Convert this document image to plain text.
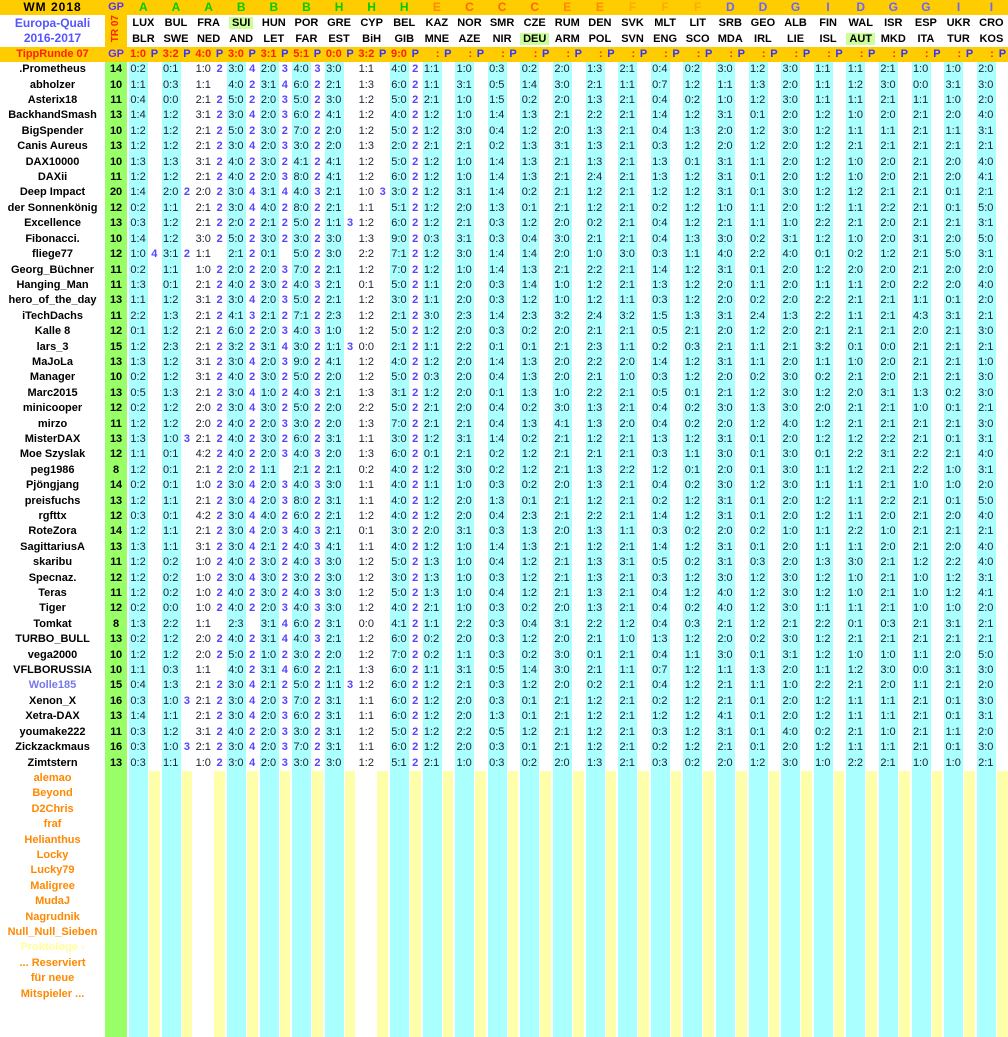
WM 2018	GP	A		A		A		B		B		B		H		H		H		E		C		C		C		E		E		F		F		F		D		D		G		I		D		G		G		I		I	

Europa-Quali
2016-2017	TR 07	LUX		BUL		FRA		SUI		HUN		POR		GRE		CYP		BEL		KAZ		NOR		SMR		CZE		RUM		DEN		SVK		MLT		LIT		SRB		GEO		ALB		FIN		WAL		ISR		ESP		UKR		CRO	
		BLR		SWE		NED		AND		LET		FAR		EST		BiH		GIB		MNE		AZE		NIR		DEU		ARM		POL		SVN		ENG		SCO		MDA		IRL		LIE		ISL		AUT		MKD		ITA		TUR		KOS	
TippRunde 07	GP	1:0	P	3:2	P	4:0	P	3:0	P	3:1	P	5:1	P	0:0	P	3:2	P	9:0	P	:	P	:	P	:	P	:	P	:	P	:	P	:	P	:	P	:	P	:	P	:	P	:	P	:	P	:	P	:	P	:	P	:	P	:	P
.Prometheus	14	0:2		0:1		1:0	2	3:0	4	2:0	3	4:0	3	3:0		1:1		4:0	2	1:1		1:0		0:3		0:2		2:0		1:3		2:1		0:4		0:2		3:0		1:2		3:0		1:1		1:1		2:1		1:0		1:0		2:0	
abholzer	10	1:1		0:3		1:1		4:0	2	3:1	4	6:0	2	2:1		1:3		6:0	2	1:1		3:1		0:5		1:4		3:0		2:1		1:1		0:7		1:2		1:1		1:3		2:0		1:1		1:2		3:0		0:0		3:1		3:0	
Asterix18	11	0:4		0:0		2:1	2	5:0	2	2:0	3	5:0	2	3:0		1:2		5:0	2	2:1		1:0		1:5		0:2		2:0		1:3		2:1		0:4		0:2		1:0		1:2		3:0		1:1		1:1		2:1		1:1		1:0		2:0	
BackhandSmash	13	1:4		1:2		3:1	2	3:0	4	2:0	3	6:0	2	4:1		1:2		4:0	2	1:2		1:0		1:4		1:3		2:1		2:2		2:1		1:4		1:2		3:1		0:1		2:0		1:2		1:0		2:0		2:1		2:0		4:0	
BigSpender	10	1:2		1:2		2:1	2	5:0	2	3:0	2	7:0	2	2:0		1:2		5:0	2	1:2		3:0		0:4		1:2		2:0		1:3		2:1		0:4		1:3		2:0		1:2		3:0		1:2		1:1		1:1		2:1		1:1		3:1	
Canis Aureus	13	1:2		1:2		2:1	2	3:0	4	2:0	3	3:0	2	2:0		1:3		2:0	2	2:1		2:1		0:2		1:3		3:1		1:3		2:1		0:3		1:2		2:0		1:2		2:0		1:2		2:1		2:1		2:1		2:1		2:1	
DAX10000	10	1:3		1:3		3:1	2	4:0	2	3:0	2	4:1	2	4:1		1:2		5:0	2	1:2		1:0		1:4		1:3		2:1		1:3		2:1		1:3		0:1		3:1		1:1		2:0		1:2		1:0		2:0		2:1		2:0		4:0	
DAXii	11	1:2		1:2		2:1	2	4:0	2	2:0	3	8:0	2	4:1		1:2		6:0	2	1:2		1:0		1:4		1:3		2:1		2:4		2:1		1:3		1:2		3:1		0:1		2:0		1:2		1:0		2:0		2:1		2:0		4:1	
Deep Impact	20	1:4		2:0	2	2:0	2	3:0	4	3:1	4	4:0	3	2:1		1:0	3	3:0	2	1:2		3:1		1:4		0:2		2:1		1:2		2:1		1:2		1:2		3:1		0:1		3:0		1:2		1:2		2:1		2:1		0:1		2:1	
der Sonnenkönig	12	0:2		1:1		2:1	2	3:0	4	4:0	2	8:0	2	2:1		1:1		5:1	2	1:2		2:0		1:3		0:1		2:1		1:2		2:1		0:2		1:2		1:0		1:1		2:0		1:2		1:1		2:2		2:1		0:1		5:0	
Excellence	13	0:3		1:2		2:1	2	2:0	2	2:1	2	5:0	2	1:1	3	1:2		6:0	2	1:2		2:1		0:3		1:2		2:0		0:2		2:1		0:4		1:2		2:1		1:1		1:0		2:2		2:1		2:0		2:1		2:1		3:1	
Fibonacci.	10	1:4		1:2		3:0	2	5:0	2	3:0	2	3:0	2	3:0		1:3		9:0	2	0:3		3:1		0:3		0:4		3:0		2:1		2:1		0:4		1:3		3:0		0:2		3:1		1:2		1:0		2:0		3:1		2:0		5:0	
fliege77	12	1:0	4	3:1	2	1:1		2:1	2	0:1		5:0	2	3:0		2:2		7:1	2	1:2		3:0		1:4		1:4		2:0		1:0		3:0		0:3		1:1		4:0		2:2		4:0		0:1		0:2		1:2		2:1		5:0		3:1	
Georg_Büchner	11	0:2		1:1		1:0	2	2:0	2	2:0	3	7:0	2	2:1		1:2		7:0	2	1:2		1:0		1:4		1:3		2:1		2:2		2:1		1:4		1:2		3:1		0:1		2:0		1:2		2:0		2:0		2:1		2:0		2:0	
Hanging_Man	11	1:3		0:1		2:1	2	4:0	2	3:0	2	4:0	3	2:1		0:1		5:0	2	1:1		2:0		0:3		1:4		1:0		1:2		2:1		1:3		1:2		2:0		1:1		2:0		1:1		1:1		2:0		2:2		2:0		4:0	
hero_of_the_day	13	1:1		1:2		3:1	2	3:0	4	2:0	3	5:0	2	2:1		1:2		3:0	2	1:1		2:0		0:3		1:2		1:0		1:2		1:1		0:3		1:2		2:0		0:2		2:0		2:2		2:1		2:1		1:1		0:1		2:0	
iTechDachs	11	2:2		1:3		2:1	2	4:1	3	2:1	2	7:1	2	2:3		1:2		2:1	2	3:0		2:3		1:4		2:3		3:2		2:4		3:2		1:5		1:3		3:1		2:4		1:3		2:2		1:1		2:1		4:3		3:1		2:1	
Kalle 8	12	0:1		1:2		2:1	2	6:0	2	2:0	3	4:0	3	1:0		1:2		5:0	2	1:2		2:0		0:3		0:2		2:0		2:1		2:1		0:5		2:1		2:0		1:2		2:0		2:1		2:1		2:1		2:0		2:1		3:0	
lars_3	15	1:2		2:3		2:1	2	3:2	2	3:1	4	3:0	2	1:1	3	0:0		2:1	2	1:1		2:2		0:1		0:1		2:1		2:3		1:1		0:2		0:3		2:1		1:1		2:1		3:2		0:1		0:0		2:1		2:1		2:1	
MaJoLa	13	1:3		1:2		3:1	2	3:0	4	2:0	3	9:0	2	4:1		1:2		4:0	2	1:2		2:0		1:4		1:3		2:0		2:2		2:0		1:4		1:2		3:1		1:1		2:0		1:1		1:0		2:0		2:1		2:1		1:0	
Manager	10	0:2		1:2		3:1	2	4:0	2	3:0	2	5:0	2	2:0		1:2		5:0	2	0:3		2:0		0:4		1:3		2:0		2:1		1:0		0:3		1:2		2:0		0:2		3:0		0:2		2:1		2:0		2:1		2:1		3:0	
Marc2015	13	0:5		1:3		2:1	2	3:0	4	1:0	2	4:0	3	2:1		1:3		3:1	2	1:2		2:0		0:1		1:3		1:0		2:2		2:1		0:5		0:1		2:1		1:2		3:0		1:2		2:0		3:1		1:3		0:2		3:0	
minicooper	12	0:2		1:2		2:0	2	3:0	4	3:0	2	5:0	2	2:0		2:2		5:0	2	2:1		2:0		0:4		0:2		3:0		1:3		2:1		0:4		0:2		3:0		1:3		3:0		2:0		2:1		2:1		1:0		0:1		2:1	
mirzo	11	1:2		1:2		2:0	2	4:0	2	2:0	3	3:0	2	2:0		1:3		7:0	2	2:1		2:1		0:4		1:3		4:1		1:3		2:0		0:4		0:2		2:0		1:2		4:0		1:2		2:1		2:1		2:1		2:1		3:0	
MisterDAX	13	1:3		1:0	3	2:1	2	4:0	2	3:0	2	6:0	2	3:1		1:1		3:0	2	1:2		3:1		1:4		0:2		2:1		1:2		2:1		1:3		1:2		3:1		0:1		2:0		1:2		1:2		2:2		2:1		0:1		3:1	
Moe Szyslak	12	1:1		0:1		4:2	2	4:0	2	2:0	3	4:0	3	2:0		1:3		6:0	2	0:1		2:1		0:2		1:2		2:1		2:1		2:1		0:3		1:1		3:0		0:1		3:0		0:1		2:2		3:1		2:2		2:1		4:0	
peg1986	8	1:2		0:1		2:1	2	2:0	2	1:1		2:1	2	2:1		0:2		4:0	2	1:2		3:0		0:2		1:2		2:1		1:3		2:2		1:2		0:1		2:0		0:1		3:0		1:1		1:2		2:1		2:2		1:0		3:1	
Pjöngjang	14	0:2		0:1		1:0	2	3:0	4	2:0	3	4:0	3	3:0		1:1		4:0	2	1:1		1:0		0:3		0:2		2:0		1:3		2:1		0:4		0:2		3:0		1:2		3:0		1:1		1:1		2:1		1:0		1:0		2:0	
preisfuchs	13	1:2		1:1		2:1	2	3:0	4	2:0	3	8:0	2	3:1		1:1		4:0	2	1:2		2:0		1:3		0:1		2:1		1:2		2:1		0:2		1:2		3:1		0:1		2:0		1:2		1:1		2:2		2:1		0:1		5:0	
rgfttx	12	0:3		0:1		4:2	2	3:0	4	4:0	2	6:0	2	2:1		1:2		4:0	2	1:2		2:0		0:4		2:3		2:1		2:2		2:1		1:4		1:2		3:1		0:1		2:0		1:2		1:1		2:0		2:1		2:0		4:0	
RoteZora	14	1:2		1:1		2:1	2	3:0	4	2:0	3	4:0	3	2:1		0:1		3:0	2	2:0		3:1		0:3		1:3		2:0		1:3		1:1		0:3		0:2		2:0		0:2		1:0		1:1		2:2		1:0		2:1		2:1		2:1	
SagittariusA	13	1:3		1:1		3:1	2	3:0	4	2:1	2	4:0	3	4:1		1:1		4:0	2	1:2		1:0		1:4		1:3		2:1		1:2		2:1		1:4		1:2		3:1		0:1		2:0		1:1		1:1		2:0		2:1		2:0		4:0	
skaribu	11	1:2		0:2		1:0	2	4:0	2	3:0	2	4:0	3	3:0		1:2		5:0	2	1:3		1:0		0:4		1:2		2:1		1:3		3:1		0:5		0:2		3:1		0:3		2:0		1:3		3:0		2:1		1:2		2:2		4:0	
Specnaz.	12	1:2		0:2		1:0	2	3:0	4	3:0	2	3:0	2	3:0		1:2		3:0	2	1:3		1:0		0:3		1:2		2:1		1:3		2:1		0:3		1:2		3:0		1:2		3:0		1:2		1:0		2:1		1:0		1:2		3:1	
Teras	11	1:2		0:2		1:0	2	4:0	2	3:0	2	4:0	3	3:0		1:2		5:0	2	1:3		1:0		0:4		1:2		2:1		1:3		2:1		0:4		1:2		4:0		1:2		3:0		1:2		1:0		2:1		1:0		1:2		4:1	
Tiger	12	0:2		0:0		1:0	2	4:0	2	2:0	3	4:0	3	3:0		1:2		4:0	2	2:1		1:0		0:3		0:2		2:0		1:3		2:1		0:4		0:2		4:0		1:2		3:0		1:1		1:1		2:1		1:0		1:0		2:0	
Tomkat	8	1:3		2:2		1:1		2:3		3:1	4	6:0	2	3:1		0:0		4:1	2	1:1		2:2		0:3		0:4		3:1		2:2		1:2		0:4		0:3		2:1		1:2		2:1		2:2		0:1		0:3		2:1		3:1		2:1	
TURBO_BULL	13	0:2		1:2		2:0	2	4:0	2	3:1	4	4:0	3	2:1		1:2		6:0	2	0:2		2:0		0:3		1:2		2:0		2:1		1:0		1:3		1:2		2:0		0:2		3:0		1:2		2:1		2:1		2:1		2:1		2:1	
vega2000	10	1:2		1:2		2:0	2	5:0	2	1:0	2	3:0	2	2:0		1:2		7:0	2	0:2		1:1		0:3		0:2		3:0		0:1		2:1		0:4		1:1		3:0		0:1		3:1		1:2		1:0		1:0		1:1		2:0		5:0	
VFLBORUSSIA	10	1:1		0:3		1:1		4:0	2	3:1	4	6:0	2	2:1		1:3		6:0	2	1:1		3:1		0:5		1:4		3:0		2:1		1:1		0:7		1:2		1:1		1:3		2:0		1:1		1:2		3:0		0:0		3:1		3:0	
Wolle185	15	0:4		1:3		2:1	2	3:0	4	2:1	2	5:0	2	1:1	3	1:2		6:0	2	1:2		2:1		0:3		1:2		2:0		0:2		2:1		0:4		1:2		2:1		1:1		1:0		2:2		2:1		2:0		1:1		2:1		2:0	
Xenon_X	16	0:3		1:0	3	2:1	2	3:0	4	2:0	3	7:0	2	3:1		1:1		6:0	2	1:2		2:0		0:3		0:1		2:1		1:2		2:1		0:2		1:2		2:1		0:1		2:0		1:2		1:1		1:1		2:1		0:1		3:0	
Xetra-DAX	13	1:4		1:1		2:1	2	3:0	4	2:0	3	6:0	2	3:1		1:1		6:0	2	1:2		2:0		1:3		0:1		2:1		1:2		2:1		1:2		1:2		4:1		0:1		2:0		1:2		1:1		1:1		2:1		0:1		3:1	
youmake222	11	0:3		1:2		3:1	2	4:0	2	2:0	3	3:0	2	3:1		1:2		5:0	2	1:2		2:2		0:5		1:2		2:1		1:2		2:1		0:3		1:2		3:1		0:1		4:0		0:2		2:1		1:0		2:1		1:1		2:0	
Zickzackmaus	16	0:3		1:0	3	2:1	2	3:0	4	2:0	3	7:0	2	3:1		1:1		6:0	2	1:2		2:0		0:3		0:1		2:1		1:2		2:1		0:2		1:2		2:1		0:1		2:0		1:2		1:1		1:1		2:1		0:1		3:0	
Zimtstern	13	0:3		1:1		1:0	2	3:0	4	2:0	3	3:0	2	3:0		1:2		5:1	2	2:1		1:0		0:3		0:2		2:0		1:3		2:1		0:3		0:2		2:0		1:2		3:0		1:0		2:2		2:1		1:0		1:0		2:1	
alemao																																																							
Beyond																																																							
D2Chris																																																							
fraf																																																							
Helianthus																																																							
Locky																																																							
Lucky79																																																							
Maligree																																																							
MudaJ																																																							
Nagrudnik																																																							
Null_Null_Sieben																																																							
Proktologe -																																																							
... Reserviert																																																							
für neue																																																							
Mitspieler ...																																																							
